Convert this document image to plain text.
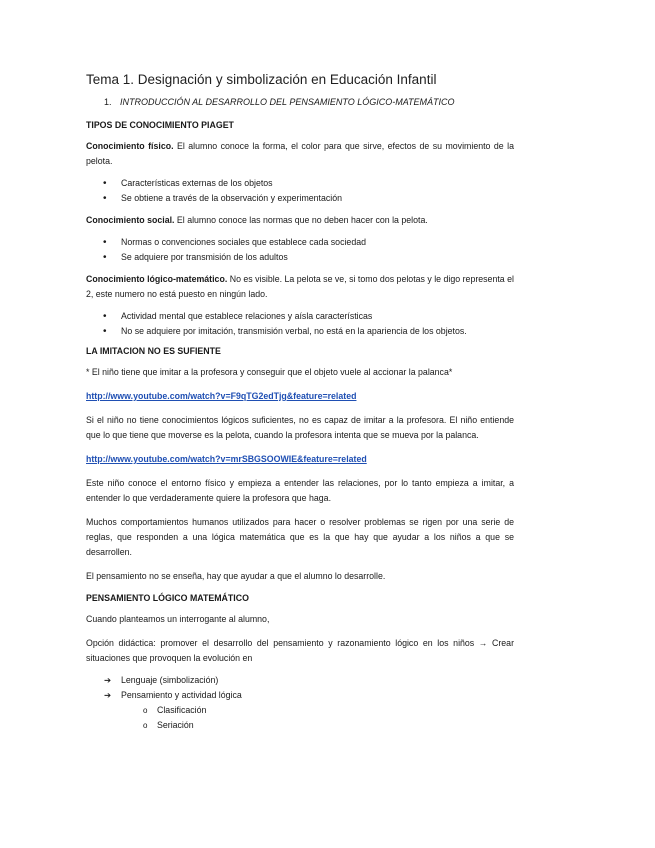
Tema 1. Designación y simbolización en Educación Infantil
1. INTRODUCCIÓN AL DESARROLLO DEL PENSAMIENTO LÓGICO-MATEMÁTICO
TIPOS DE CONOCIMIENTO PIAGET

Conocimiento físico. El alumno conoce la forma, el color para que sirve, efectos de su movimiento de la pelota.

• Características externas de los objetos
• Se obtiene a través de la observación y experimentación

Conocimiento social. El alumno conoce las normas que no deben hacer con la pelota.

• Normas o convenciones sociales que establece cada sociedad
• Se adquiere por transmisión de los adultos

Conocimiento lógico-matemático. No es visible. La pelota se ve, si tomo dos pelotas y le digo representa el 2, este numero no está puesto en ningún lado.

• Actividad mental que establece relaciones y aísla características
• No se adquiere por imitación, transmisión verbal, no está en la apariencia de los objetos.
LA IMITACION NO ES SUFIENTE

* El niño tiene que imitar a la profesora y conseguir que el objeto vuele al accionar la palanca*

http://www.youtube.com/watch?v=F9qTG2edTjg&feature=related

Si el niño no tiene conocimientos lógicos suficientes, no es capaz de imitar a la profesora. El niño entiende que lo que tiene que moverse es la pelota, cuando la profesora intenta que se mueva por la palanca.

http://www.youtube.com/watch?v=mrSBGSOOWIE&feature=related

Este niño conoce el entorno físico y empieza a entender las relaciones, por lo tanto empieza a imitar, a entender lo que verdaderamente quiere la profesora que haga.

Muchos comportamientos humanos utilizados para hacer o resolver problemas se rigen por una serie de reglas, que responden a una lógica matemática que es la que hay que ayudar a los niños a que se desarrollen.

El pensamiento no se enseña, hay que ayudar a que el alumno lo desarrolle.

PENSAMIENTO LÓGICO MATEMÁTICO

Cuando planteamos un interrogante al alumno,

Opción didáctica: promover el desarrollo del pensamiento y razonamiento lógico en los niños → Crear situaciones que provoquen la evolución en

➔ Lenguaje (simbolización)
➔ Pensamiento y actividad lógica
o Clasificación
o Seriación
